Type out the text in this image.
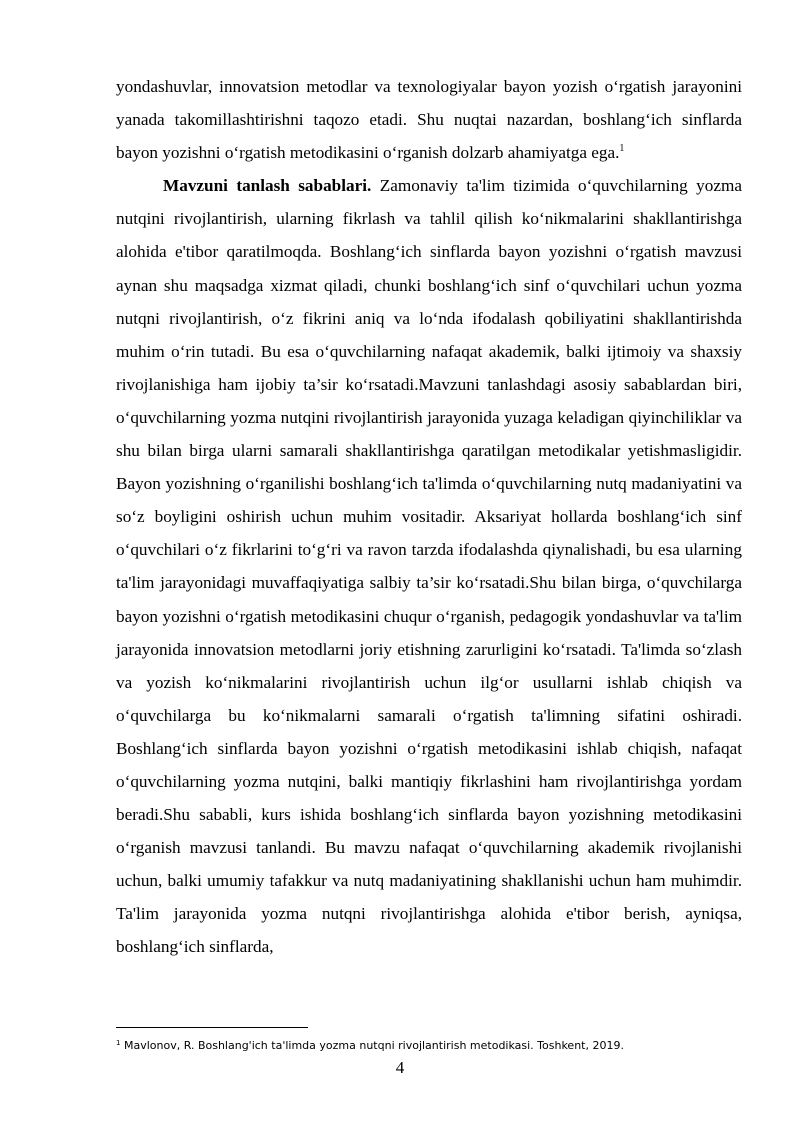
yondashuvlar, innovatsion metodlar va texnologiyalar bayon yozish o‘rgatish jarayonini yanada takomillashtirishni taqozo etadi. Shu nuqtai nazardan, boshlang‘ich sinflarda bayon yozishni o‘rgatish metodikasini o‘rganish dolzarb ahamiyatga ega.$^1$

Mavzuni tanlash sabablari. Zamonaviy ta'lim tizimida o‘quvchilarning yozma nutqini rivojlantirish, ularning fikrlash va tahlil qilish ko‘nikmalarini shakllantirishga alohida e'tibor qaratilmoqda. Boshlang‘ich sinflarda bayon yozishni o‘rgatish mavzusi aynan shu maqsadga xizmat qiladi, chunki boshlang‘ich sinf o‘quvchilari uchun yozma nutqni rivojlantirish, o‘z fikrini aniq va lo‘nda ifodalash qobiliyatini shakllantirishda muhim o‘rin tutadi. Bu esa o‘quvchilarning nafaqat akademik, balki ijtimoiy va shaxsiy rivojlanishiga ham ijobiy ta’sir ko‘rsatadi.Mavzuni tanlashdagi asosiy sabablardan biri, o‘quvchilarning yozma nutqini rivojlantirish jarayonida yuzaga keladigan qiyinchiliklar va shu bilan birga ularni samarali shakllantirishga qaratilgan metodikalar yetishmasligidir. Bayon yozishning o‘rganilishi boshlang‘ich ta'limda o‘quvchilarning nutq madaniyatini va so‘z boyligini oshirish uchun muhim vositadir. Aksariyat hollarda boshlang‘ich sinf o‘quvchilari o‘z fikrlarini to‘g‘ri va ravon tarzda ifodalashda qiynalishadi, bu esa ularning ta'lim jarayonidagi muvaffaqiyatiga salbiy ta’sir ko‘rsatadi.Shu bilan birga, o‘quvchilarga bayon yozishni o‘rgatish metodikasini chuqur o‘rganish, pedagogik yondashuvlar va ta'lim jarayonida innovatsion metodlarni joriy etishning zarurligini ko‘rsatadi. Ta'limda so‘zlash va yozish ko‘nikmalarini rivojlantirish uchun ilg‘or usullarni ishlab chiqish va o‘quvchilarga bu ko‘nikmalarni samarali o‘rgatish ta'limning sifatini oshiradi. Boshlang‘ich sinflarda bayon yozishni o‘rgatish metodikasini ishlab chiqish, nafaqat o‘quvchilarning yozma nutqini, balki mantiqiy fikrlashini ham rivojlantirishga yordam beradi.Shu sababli, kurs ishida boshlang‘ich sinflarda bayon yozishning metodikasini o‘rganish mavzusi tanlandi. Bu mavzu nafaqat o‘quvchilarning akademik rivojlanishi uchun, balki umumiy tafakkur va nutq madaniyatining shakllanishi uchun ham muhimdir. Ta'lim jarayonida yozma nutqni rivojlantirishga alohida e'tibor berish, ayniqsa, boshlang‘ich sinflarda,

$^1$ Mavlonov, R. Boshlang'ich ta'limda yozma nutqni rivojlantirish metodikasi. Toshkent, 2019.

4
